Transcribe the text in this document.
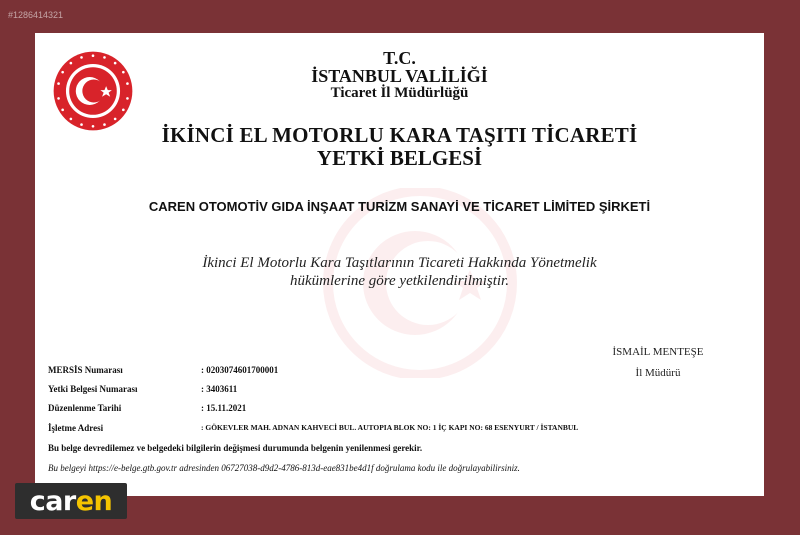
#1286414321
T.C.
İSTANBUL VALİLİĞİ
Ticaret İl Müdürlüğü
İKİNCİ EL MOTORLU KARA TAŞITI TİCARETİ
YETKİ BELGESİ
CAREN OTOMOTİV GIDA İNŞAAT TURİZM SANAYİ VE TİCARET LİMİTED ŞİRKETİ
İkinci El Motorlu Kara Taşıtlarının Ticareti Hakkında Yönetmelik
hükümlerine göre yetkilendirilmiştir.
İSMAİL MENTEŞE
İl Müdürü
MERSİS Numarası	: 0203074601700001
Yetki Belgesi Numarası	: 3403611
Düzenlenme Tarihi	: 15.11.2021
İşletme Adresi	: GÖKEVLER MAH. ADNAN KAHVECİ BUL. AUTOPIA BLOK NO: 1 İÇ KAPI NO: 68 ESENYURT / İSTANBUL
Bu belge devredilemez ve belgedeki bilgilerin değişmesi durumunda belgenin yenilenmesi gerekir.
Bu belgeyi https://e-belge.gtb.gov.tr adresinden 06727038-d9d2-4786-813d-eae831be4d1f doğrulama kodu ile doğrulayabilirsiniz.
car en
